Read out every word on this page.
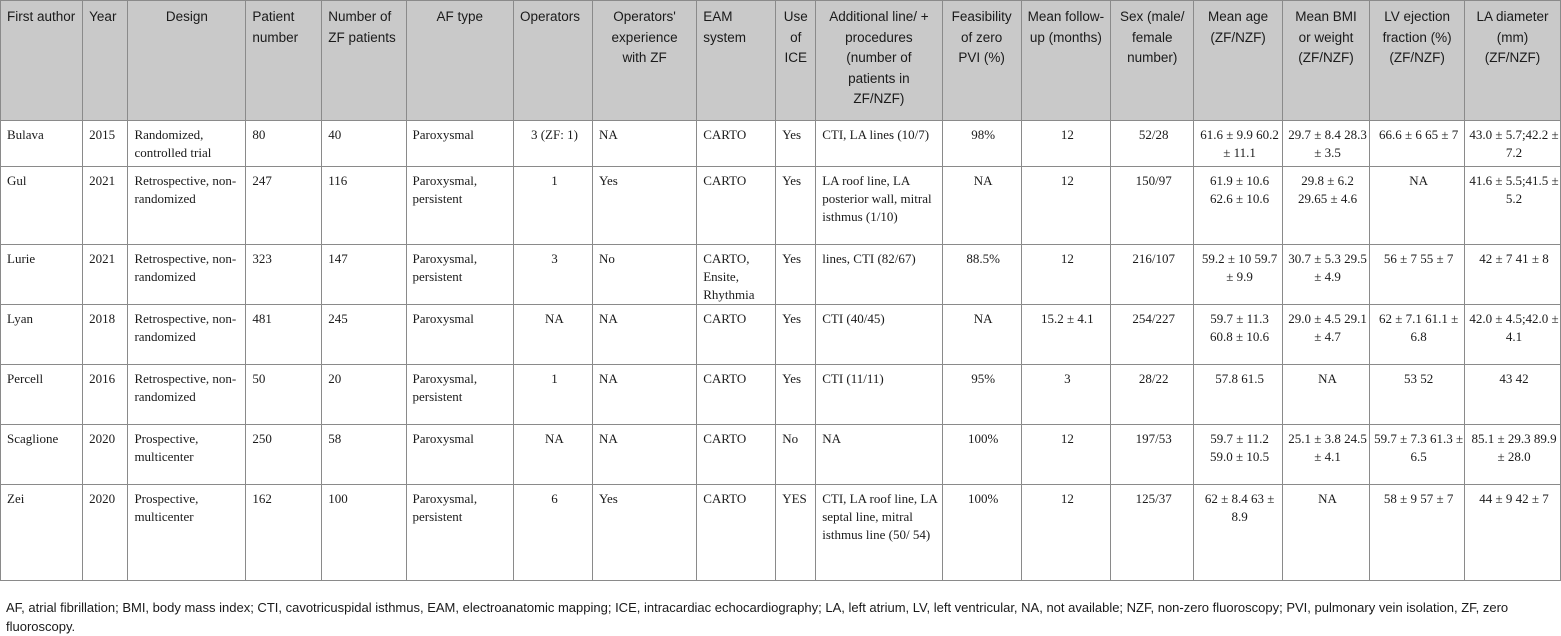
First author	Year	Design	Patient number	Number of ZF patients	AF type	Operators	Operators' experience with ZF	EAM system	Use of ICE	Additional line/ + procedures (number of patients in ZF/NZF)	Feasibility of zero PVI (%)	Mean follow-up (months)	Sex (male/ female number)	Mean age (ZF/NZF)	Mean BMI or weight (ZF/NZF)	LV ejection fraction (%) (ZF/NZF)	LA diameter (mm) (ZF/NZF)
Bulava	2015	Randomized, controlled trial	80	40	Paroxysmal	3 (ZF: 1)	NA	CARTO	Yes	CTI, LA lines (10/7)	98%	12	52/28	61.6 ± 9.9 60.2 ± 11.1	29.7 ± 8.4 28.3 ± 3.5	66.6 ± 6 65 ± 7	43.0 ± 5.7;42.2 ± 7.2
Gul	2021	Retrospective, non-randomized	247	116	Paroxysmal, persistent	1	Yes	CARTO	Yes	LA roof line, LA posterior wall, mitral isthmus (1/10)	NA	12	150/97	61.9 ± 10.6 62.6 ± 10.6	29.8 ± 6.2 29.65 ± 4.6	NA	41.6 ± 5.5;41.5 ± 5.2
Lurie	2021	Retrospective, non-randomized	323	147	Paroxysmal, persistent	3	No	CARTO, Ensite, Rhythmia	Yes	lines, CTI (82/67)	88.5%	12	216/107	59.2 ± 10 59.7 ± 9.9	30.7 ± 5.3 29.5 ± 4.9	56 ± 7 55 ± 7	42 ± 7 41 ± 8
Lyan	2018	Retrospective, non-randomized	481	245	Paroxysmal	NA	NA	CARTO	Yes	CTI (40/45)	NA	15.2 ± 4.1	254/227	59.7 ± 11.3 60.8 ± 10.6	29.0 ± 4.5 29.1 ± 4.7	62 ± 7.1 61.1 ± 6.8	42.0 ± 4.5;42.0 ± 4.1
Percell	2016	Retrospective, non-randomized	50	20	Paroxysmal, persistent	1	NA	CARTO	Yes	CTI (11/11)	95%	3	28/22	57.8 61.5	NA	53 52	43 42
Scaglione	2020	Prospective, multicenter	250	58	Paroxysmal	NA	NA	CARTO	No	NA	100%	12	197/53	59.7 ± 11.2 59.0 ± 10.5	25.1 ± 3.8 24.5 ± 4.1	59.7 ± 7.3 61.3 ± 6.5	85.1 ± 29.3 89.9 ± 28.0
Zei	2020	Prospective, multicenter	162	100	Paroxysmal, persistent	6	Yes	CARTO	YES	CTI, LA roof line, LA septal line, mitral isthmus line (50/ 54)	100%	12	125/37	62 ± 8.4 63 ± 8.9	NA	58 ± 9 57 ± 7	44 ± 9 42 ± 7

AF, atrial fibrillation; BMI, body mass index; CTI, cavotricuspidal isthmus, EAM, electroanatomic mapping; ICE, intracardiac echocardiography; LA, left atrium, LV, left ventricular, NA, not available; NZF, non-zero fluoroscopy; PVI, pulmonary vein isolation, ZF, zero fluoroscopy.
